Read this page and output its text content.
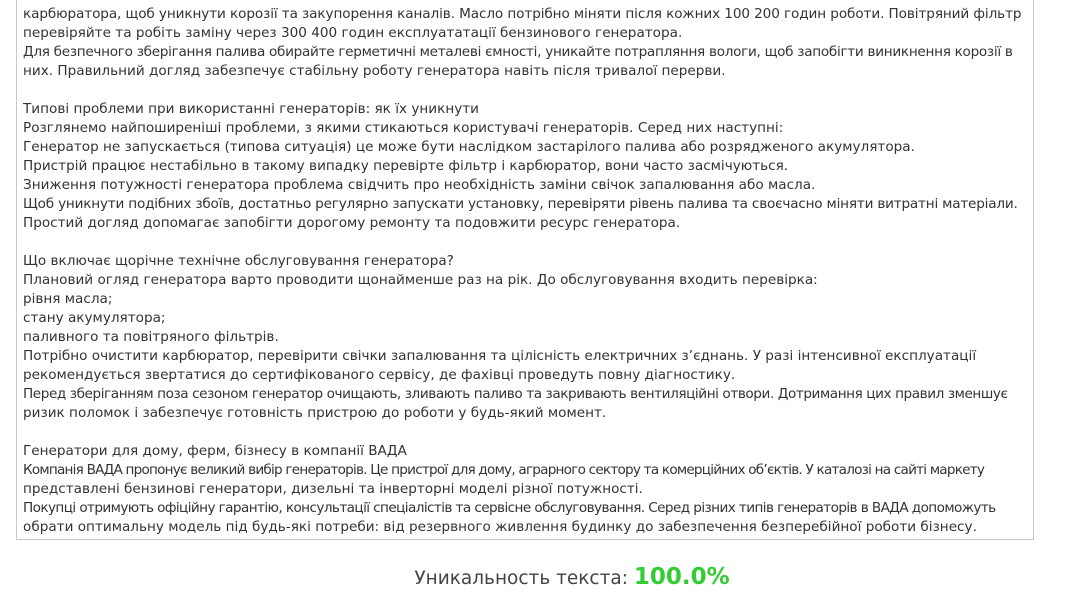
карбюратора, щоб уникнути корозії та закупорення каналів. Масло потрібно міняти після кожних 100 200 годин роботи. Повітряний фільтр
перевіряйте та робіть заміну через 300 400 годин експлуататації бензинового генератора.
Для безпечного зберігання палива обирайте герметичні металеві ємності, уникайте потрапляння вологи, щоб запобігти виникнення корозії в
них. Правильний догляд забезпечує стабільну роботу генератора навіть після тривалої перерви.

Типові проблеми при використанні генераторів: як їх уникнути
Розглянемо найпоширеніші проблеми, з якими стикаються користувачі генераторів. Серед них наступні:
Генератор не запускається (типова ситуація) це може бути наслідком застарілого палива або розрядженого акумулятора.
Пристрій працює нестабільно в такому випадку перевірте фільтр і карбюратор, вони часто засмічуються.
Зниження потужності генератора проблема свідчить про необхідність заміни свічок запалювання або масла.
Щоб уникнути подібних збоїв, достатньо регулярно запускати установку, перевіряти рівень палива та своєчасно міняти витратні матеріали.
Простий догляд допомагає запобігти дорогому ремонту та подовжити ресурс генератора.

Що включає щорічне технічне обслуговування генератора?
Плановий огляд генератора варто проводити щонайменше раз на рік. До обслуговування входить перевірка:
рівня масла;
стану акумулятора;
паливного та повітряного фільтрів.
Потрібно очистити карбюратор, перевірити свічки запалювання та цілісність електричних з’єднань. У разі інтенсивної експлуатації
рекомендується звертатися до сертифікованого сервісу, де фахівці проведуть повну діагностику.
Перед зберіганням поза сезоном генератор очищають, зливають паливо та закривають вентиляційні отвори. Дотримання цих правил зменшує
ризик поломок і забезпечує готовність пристрою до роботи у будь-який момент.

Генератори для дому, ферм, бізнесу в компанії ВАДА
Компанія ВАДА пропонує великий вибір генераторів. Це пристрої для дому, аграрного сектору та комерційних об’єктів. У каталозі на сайті маркету
представлені бензинові генератори, дизельні та інверторні моделі різної потужності.
Покупці отримують офіційну гарантію, консультації спеціалістів та сервісне обслуговування. Серед різних типів генераторів в ВАДА допоможуть
обрати оптимальну модель під будь-які потреби: від резервного живлення будинку до забезпечення безперебійної роботи бізнесу.
Уникальность текста: 100.0%
